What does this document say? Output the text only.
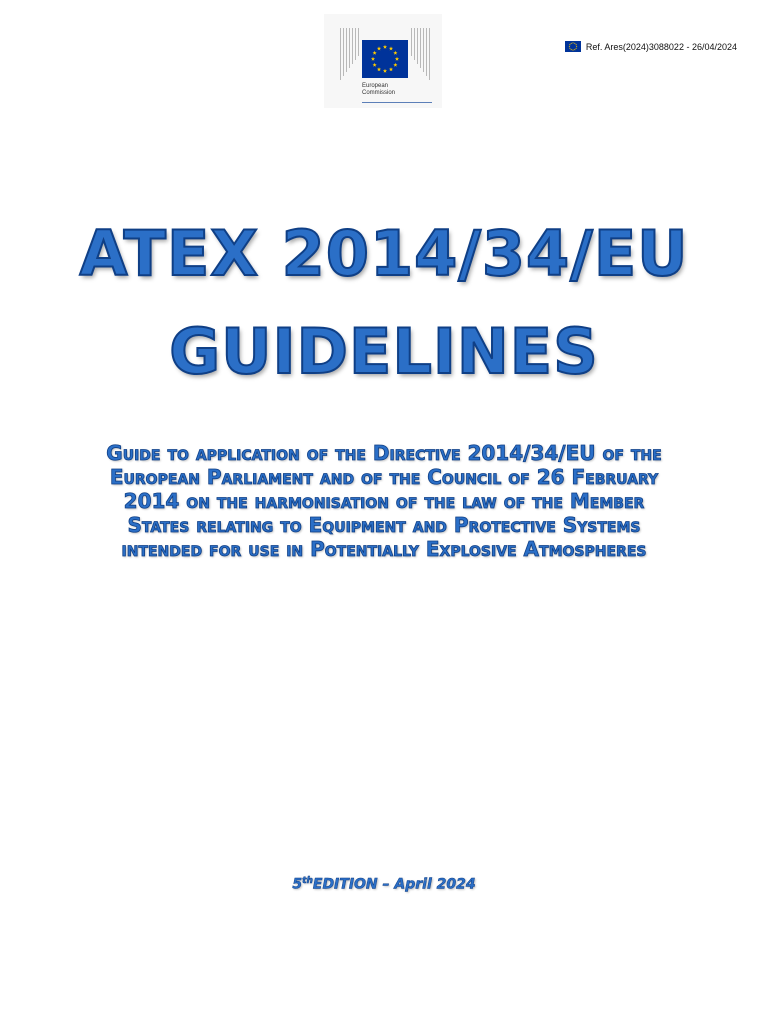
European
Commission
Ref. Ares(2024)3088022 - 26/04/2024
ATEX 2014/34/EU
GUIDELINES
Guide to application of the Directive 2014/34/EU of the European Parliament and of the Council of 26 February 2014 on the harmonisation of the law of the Member States relating to Equipment and Protective Systems intended for use in Potentially Explosive Atmospheres
5thEDITION – April 2024
